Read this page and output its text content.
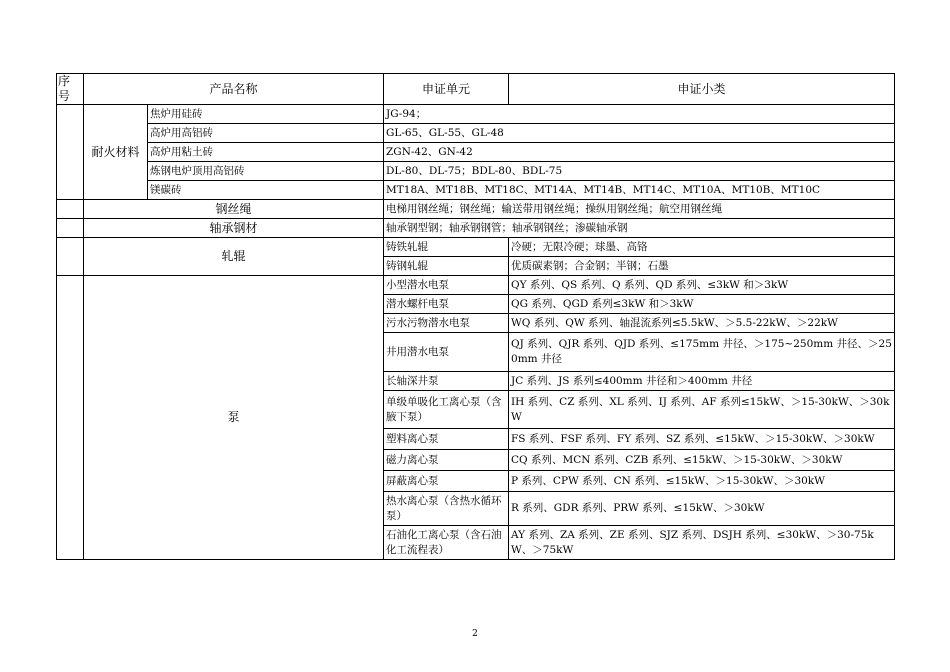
序号	产品名称		申证单元	申证小类
	耐火材料	焦炉用硅砖	JG-94；	
		高炉用高铝砖	GL-65、GL-55、GL-48	
		高炉用粘土砖	ZGN-42、GN-42	
		炼钢电炉顶用高铝砖	DL-80、DL-75；BDL-80、BDL-75	
		镁碳砖	MT18A、MT18B、MT18C、MT14A、MT14B、MT14C、MT10A、MT10B、MT10C	
	钢丝绳		电梯用钢丝绳；钢丝绳；输送带用钢丝绳；操纵用钢丝绳；航空用钢丝绳	
	轴承钢材		轴承钢型钢；轴承钢钢管；轴承钢钢丝；渗碳轴承钢	
	轧辊		铸铁轧辊	冷硬；无限冷硬；球墨、高铬
			铸钢轧辊	优质碳素钢；合金钢；半钢；石墨
	泵		小型潜水电泵	QY 系列、QS 系列、Q 系列、QD 系列、≤3kW 和＞3kW
			潜水螺杆电泵	QG 系列、QGD 系列≤3kW 和＞3kW
			污水污物潜水电泵	WQ 系列、QW 系列、轴混流系列≤5.5kW、＞5.5-22kW、＞22kW
			井用潜水电泵	QJ 系列、QJR 系列、QJD 系列、≤175mm 井径、＞175~250mm 井径、＞250mm 井径
			长轴深井泵	JC 系列、JS 系列≤400mm 井径和＞400mm 井径
			单级单吸化工离心泵（含腋下泵）	IH 系列、CZ 系列、XL 系列、IJ 系列、AF 系列≤15kW、＞15-30kW、＞30kW
			塑料离心泵	FS 系列、FSF 系列、FY 系列、SZ 系列、≤15kW、＞15-30kW、＞30kW
			磁力离心泵	CQ 系列、MCN 系列、CZB 系列、≤15kW、＞15-30kW、＞30kW
			屏蔽离心泵	P 系列、CPW 系列、CN 系列、≤15kW、＞15-30kW、＞30kW
			热水离心泵（含热水循环泵）	R 系列、GDR 系列、PRW 系列、≤15kW、＞30kW
			石油化工离心泵（含石油化工流程表）	AY 系列、ZA 系列、ZE 系列、SJZ 系列、DSJH 系列、≤30kW、＞30-75kW、＞75kW
2
